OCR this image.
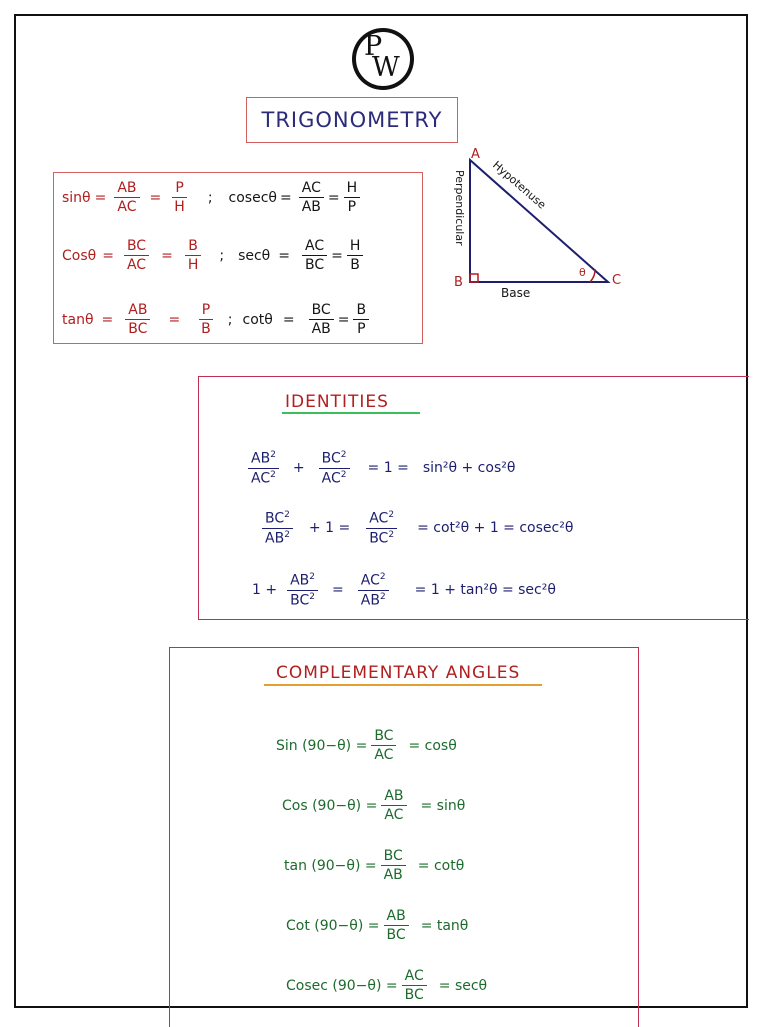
P
W
TRIGONOMETRY
$\sin\theta = \frac{AB}{AC} = \frac{P}{H}$ ; $cosec\theta = \frac{AC}{AB} = \frac{H}{P}$
$Cos\theta = \frac{BC}{AC} = \frac{B}{H}$ ; $\sec\theta = \frac{AC}{BC} = \frac{H}{B}$
$\tan\theta = \frac{AB}{BC} = \frac{P}{B}$ ; $\cot\theta = \frac{BC}{AB} = \frac{B}{P}$
A
B	C
θ
Base
Perpendicular Hypotenuse
IDENTITIES
$\frac{AB^2}{AC^2} + \frac{BC^2}{AC^2} = 1 = \sin^2\theta + \cos^2\theta$
$\frac{BC^2}{AB^2} + 1 = \frac{AC^2}{BC^2} = \cot^2\theta + 1 = cosec^2\theta$
$1 + \frac{AB^2}{BC^2} = \frac{AC^2}{AB^2} = 1 + \tan^2\theta = \sec^2\theta$
COMPLEMENTARY ANGLES
Sin $(90-\theta) = \frac{BC}{AC} = \cos\theta$
Cos $(90-\theta) = \frac{AB}{AC} = \sin\theta$
$\tan (90-\theta) = \frac{BC}{AB} = \cot\theta$
Cot $(90-\theta) = \frac{AB}{BC} = \tan\theta$
Cosec $(90-\theta) = \frac{AC}{BC} = \sec\theta$
